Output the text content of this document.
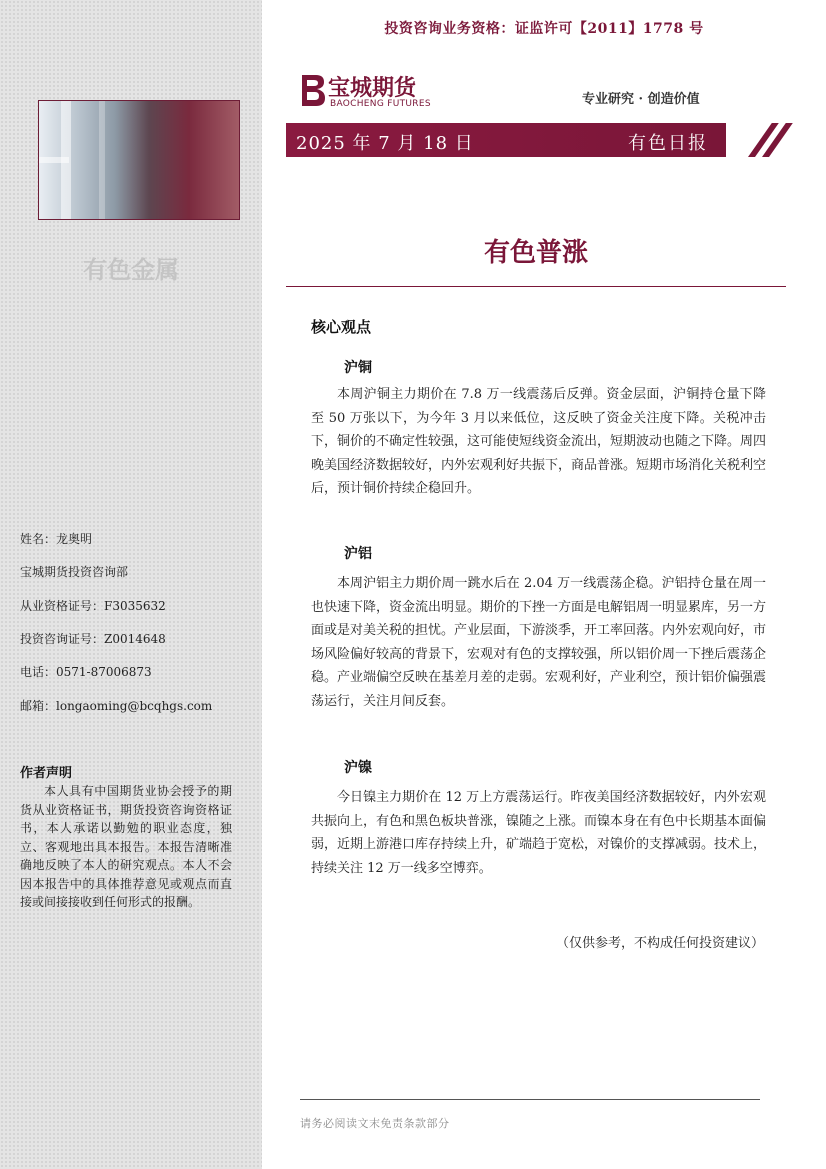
有色金属
姓名：龙奥明
宝城期货投资咨询部
从业资格证号：F3035632
投资咨询证号：Z0014648
电话：0571-87006873
邮箱：longaoming@bcqhgs.com
作者声明
本人具有中国期货业协会授予的期货从业资格证书，期货投资咨询资格证书，本人承诺以勤勉的职业态度，独立、客观地出具本报告。本报告清晰准确地反映了本人的研究观点。本人不会因本报告中的具体推荐意见或观点而直接或间接接收到任何形式的报酬。
投资咨询业务资格：证监许可【2011】1778 号
宝城期货
BAOCHENG FUTURES	专业研究 · 创造价值
2025 年 7 月 18 日	有色日报
有色普涨
核心观点
沪铜
本周沪铜主力期价在 7.8 万一线震荡后反弹。资金层面，沪铜持仓量下降至 50 万张以下，为今年 3 月以来低位，这反映了资金关注度下降。关税冲击下，铜价的不确定性较强，这可能使短线资金流出，短期波动也随之下降。周四晚美国经济数据较好，内外宏观利好共振下，商品普涨。短期市场消化关税利空后，预计铜价持续企稳回升。
沪铝
本周沪铝主力期价周一跳水后在 2.04 万一线震荡企稳。沪铝持仓量在周一也快速下降，资金流出明显。期价的下挫一方面是电解铝周一明显累库，另一方面或是对美关税的担忧。产业层面，下游淡季，开工率回落。内外宏观向好，市场风险偏好较高的背景下，宏观对有色的支撑较强，所以铝价周一下挫后震荡企稳。产业端偏空反映在基差月差的走弱。宏观利好，产业利空，预计铝价偏强震荡运行，关注月间反套。
沪镍
今日镍主力期价在 12 万上方震荡运行。昨夜美国经济数据较好，内外宏观共振向上，有色和黑色板块普涨，镍随之上涨。而镍本身在有色中长期基本面偏弱，近期上游港口库存持续上升，矿端趋于宽松，对镍价的支撑减弱。技术上，持续关注 12 万一线多空博弈。
（仅供参考，不构成任何投资建议）
请务必阅读文末免责条款部分
